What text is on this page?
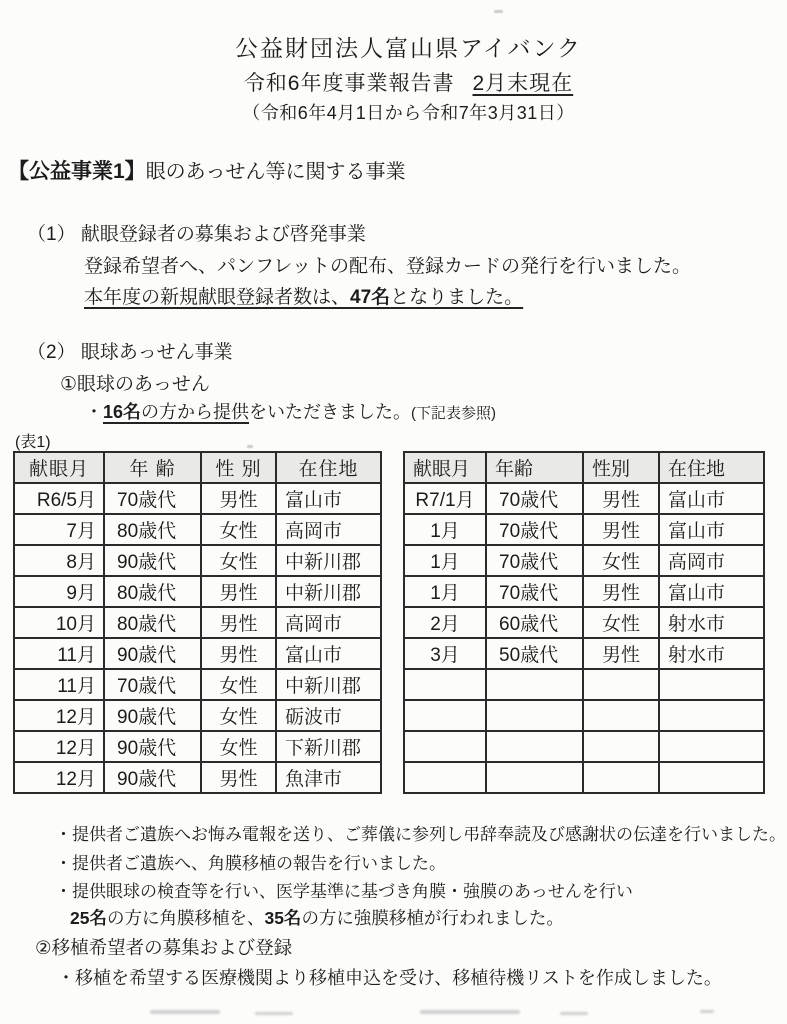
公益財団法人富山県アイバンク
令和6年度事業報告書 2月末現在
（令和6年4月1日から令和7年3月31日）
【公益事業1】眼のあっせん等に関する事業
（1） 献眼登録者の募集および啓発事業
登録希望者へ、パンフレットの配布、登録カードの発行を行いました。
本年度の新規献眼登録者数は、47名となりました。
（2） 眼球あっせん事業
①眼球のあっせん
・16名の方から提供をいただきました。(下記表参照)
(表1)
献眼月	年 齢	性 別	在住地
R6/5月	70歳代	男性	富山市
7月	80歳代	女性	高岡市
8月	90歳代	女性	中新川郡
9月	80歳代	男性	中新川郡
10月	80歳代	男性	高岡市
11月	90歳代	男性	富山市
11月	70歳代	女性	中新川郡
12月	90歳代	女性	砺波市
12月	90歳代	女性	下新川郡
12月	90歳代	男性	魚津市
献眼月	年齢	性別	在住地
R7/1月	70歳代	男性	富山市
1月	70歳代	男性	富山市
1月	70歳代	女性	高岡市
1月	70歳代	男性	富山市
2月	60歳代	女性	射水市
3月	50歳代	男性	射水市

・提供者ご遺族へお悔み電報を送り、ご葬儀に参列し弔辞奉読及び感謝状の伝達を行いました。
・提供者ご遺族へ、角膜移植の報告を行いました。
・提供眼球の検査等を行い、医学基準に基づき角膜・強膜のあっせんを行い
25名の方に角膜移植を、35名の方に強膜移植が行われました。
②移植希望者の募集および登録
・移植を希望する医療機関より移植申込を受け、移植待機リストを作成しました。
